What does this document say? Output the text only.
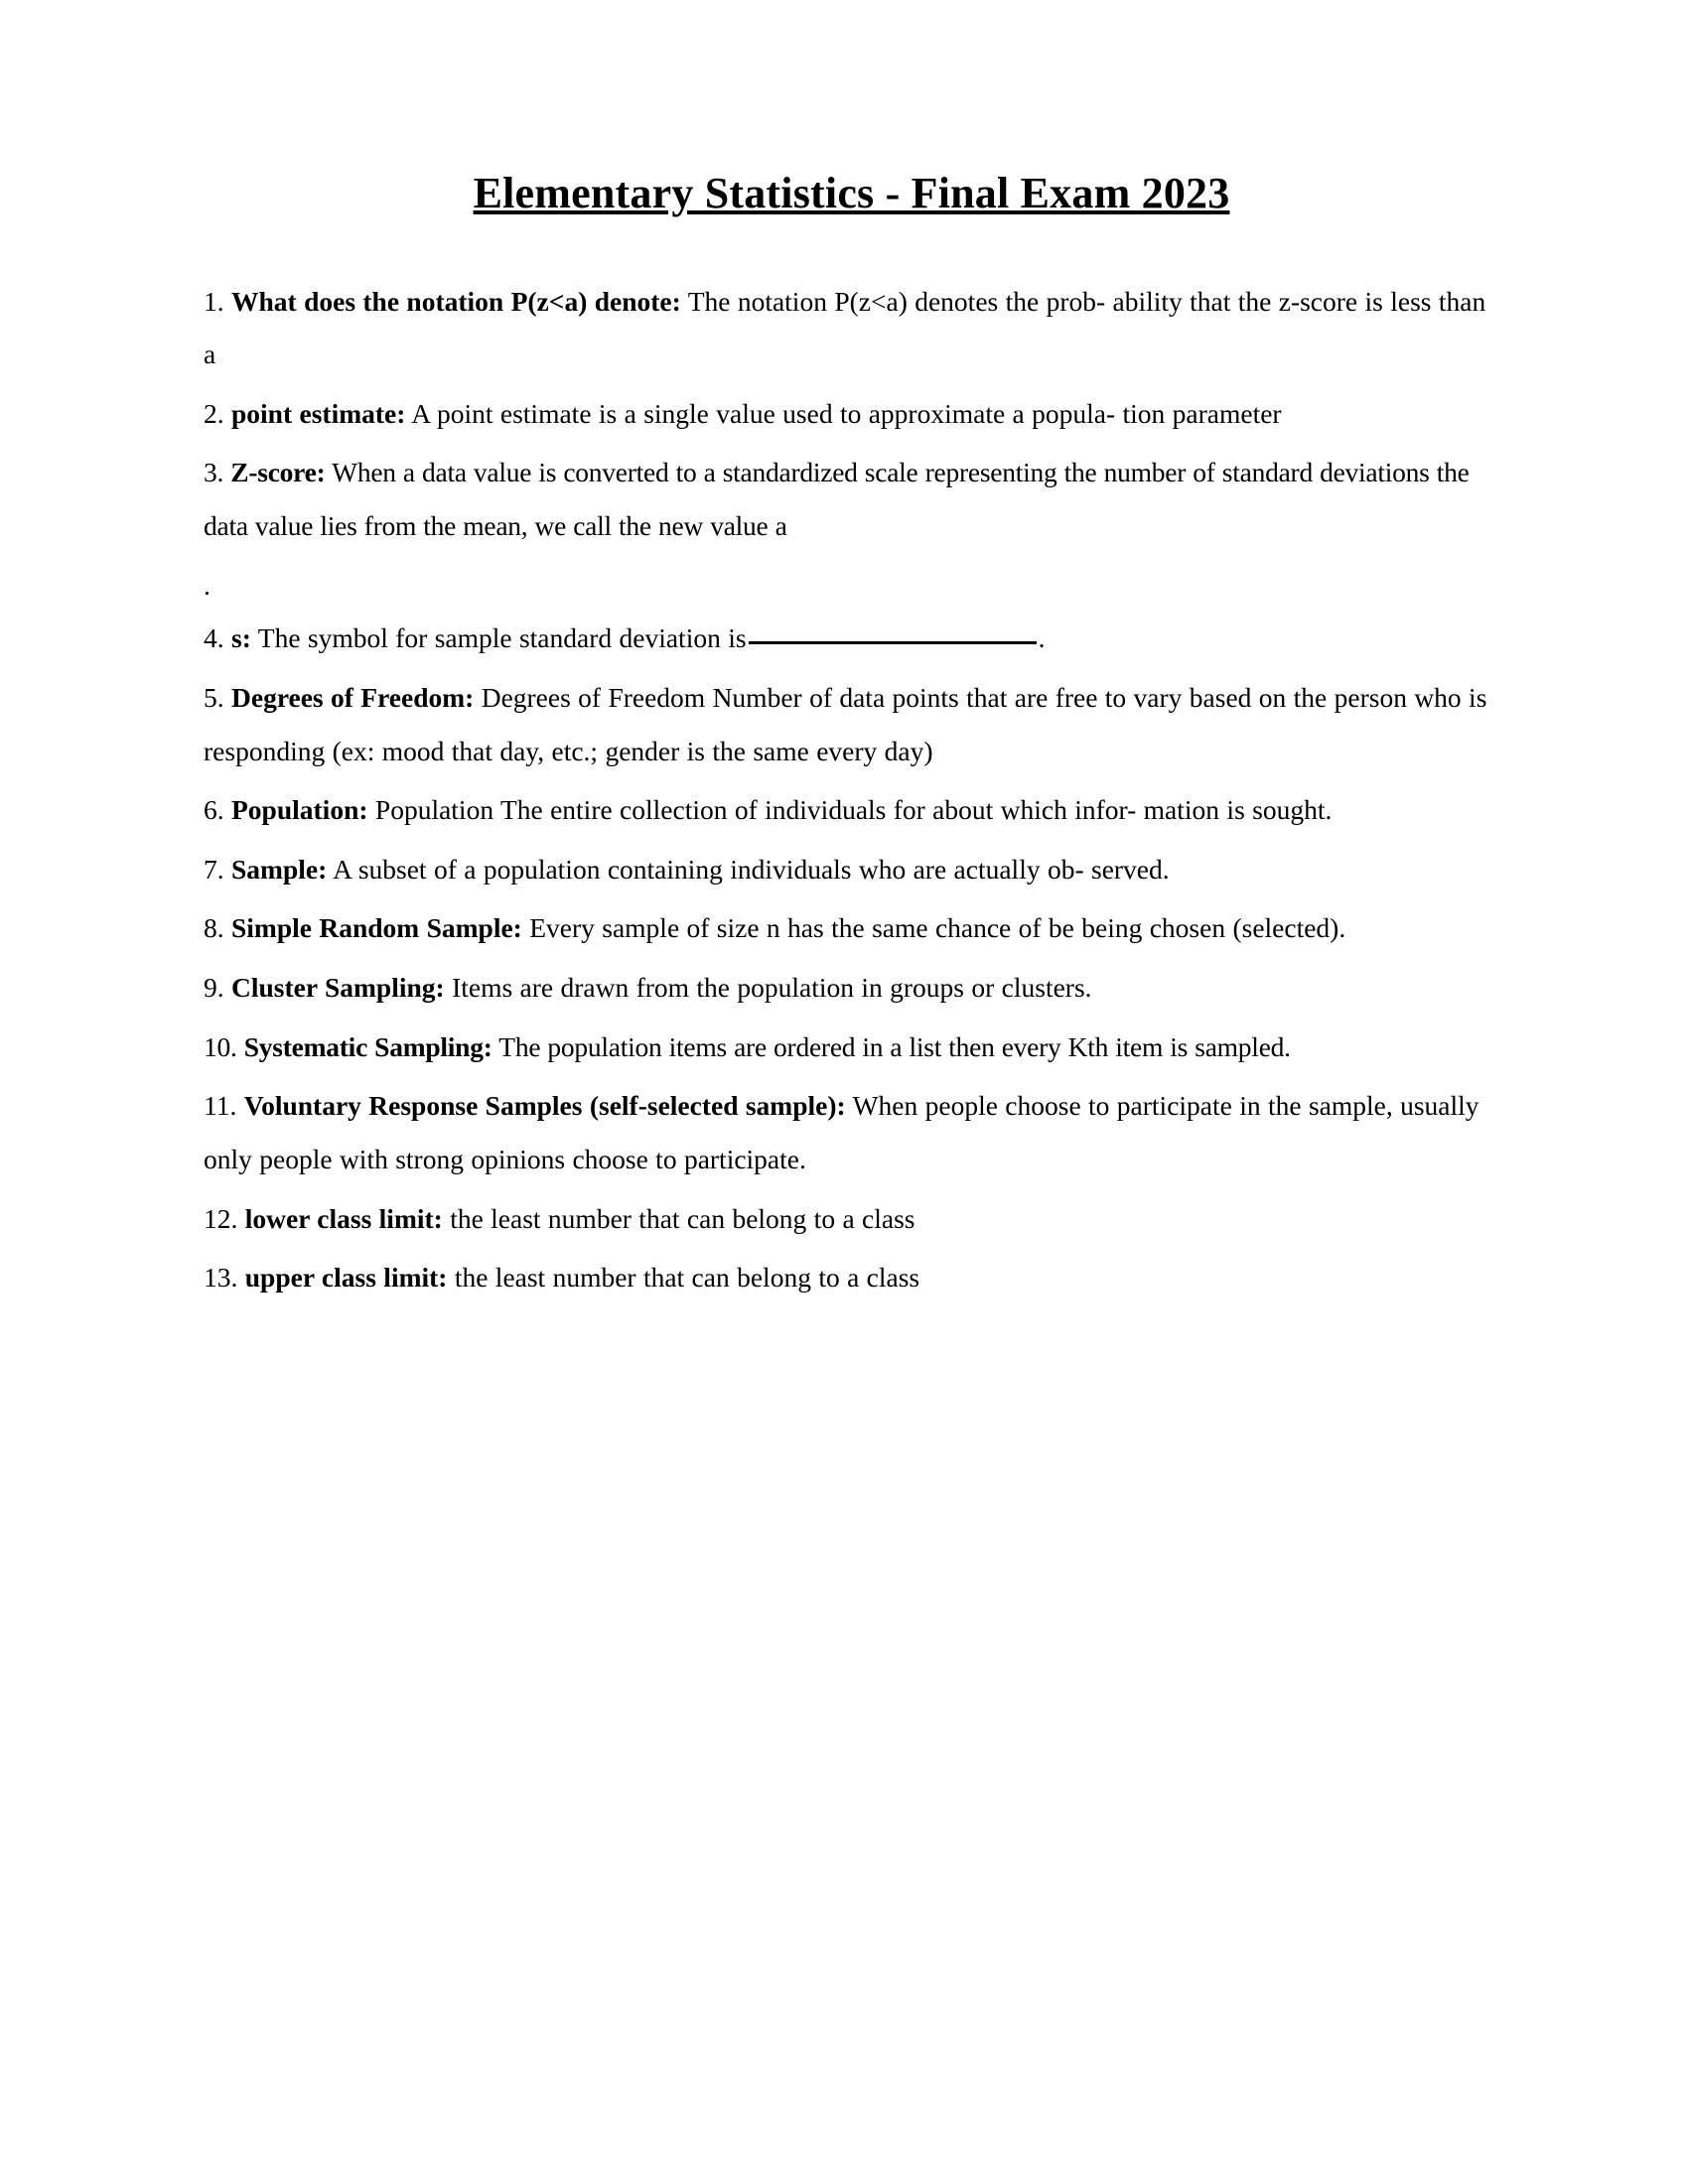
Elementary Statistics - Final Exam 2023

1. What does the notation P(z<a) denote: The notation P(z<a) denotes the prob- ability that the z-score is less than a

2. point estimate: A point estimate is a single value used to approximate a popula- tion parameter

3. Z-score: When a data value is converted to a standardized scale representing the number of standard deviations the data value lies from the mean, we call the new value a

.

4. s: The symbol for sample standard deviation is	.

5. Degrees of Freedom: Degrees of Freedom Number of data points that are free to vary based on the person who is responding (ex: mood that day, etc.; gender is the same every day)

6. Population: Population The entire collection of individuals for about which infor- mation is sought.

7. Sample: A subset of a population containing individuals who are actually ob- served.

8. Simple Random Sample: Every sample of size n has the same chance of be being chosen (selected).

9. Cluster Sampling: Items are drawn from the population in groups or clusters.

10. Systematic Sampling: The population items are ordered in a list then every Kth item is sampled.

11. Voluntary Response Samples (self-selected sample): When people choose to participate in the sample, usually only people with strong opinions choose to participate.

12. lower class limit: the least number that can belong to a class

13. upper class limit: the least number that can belong to a class
